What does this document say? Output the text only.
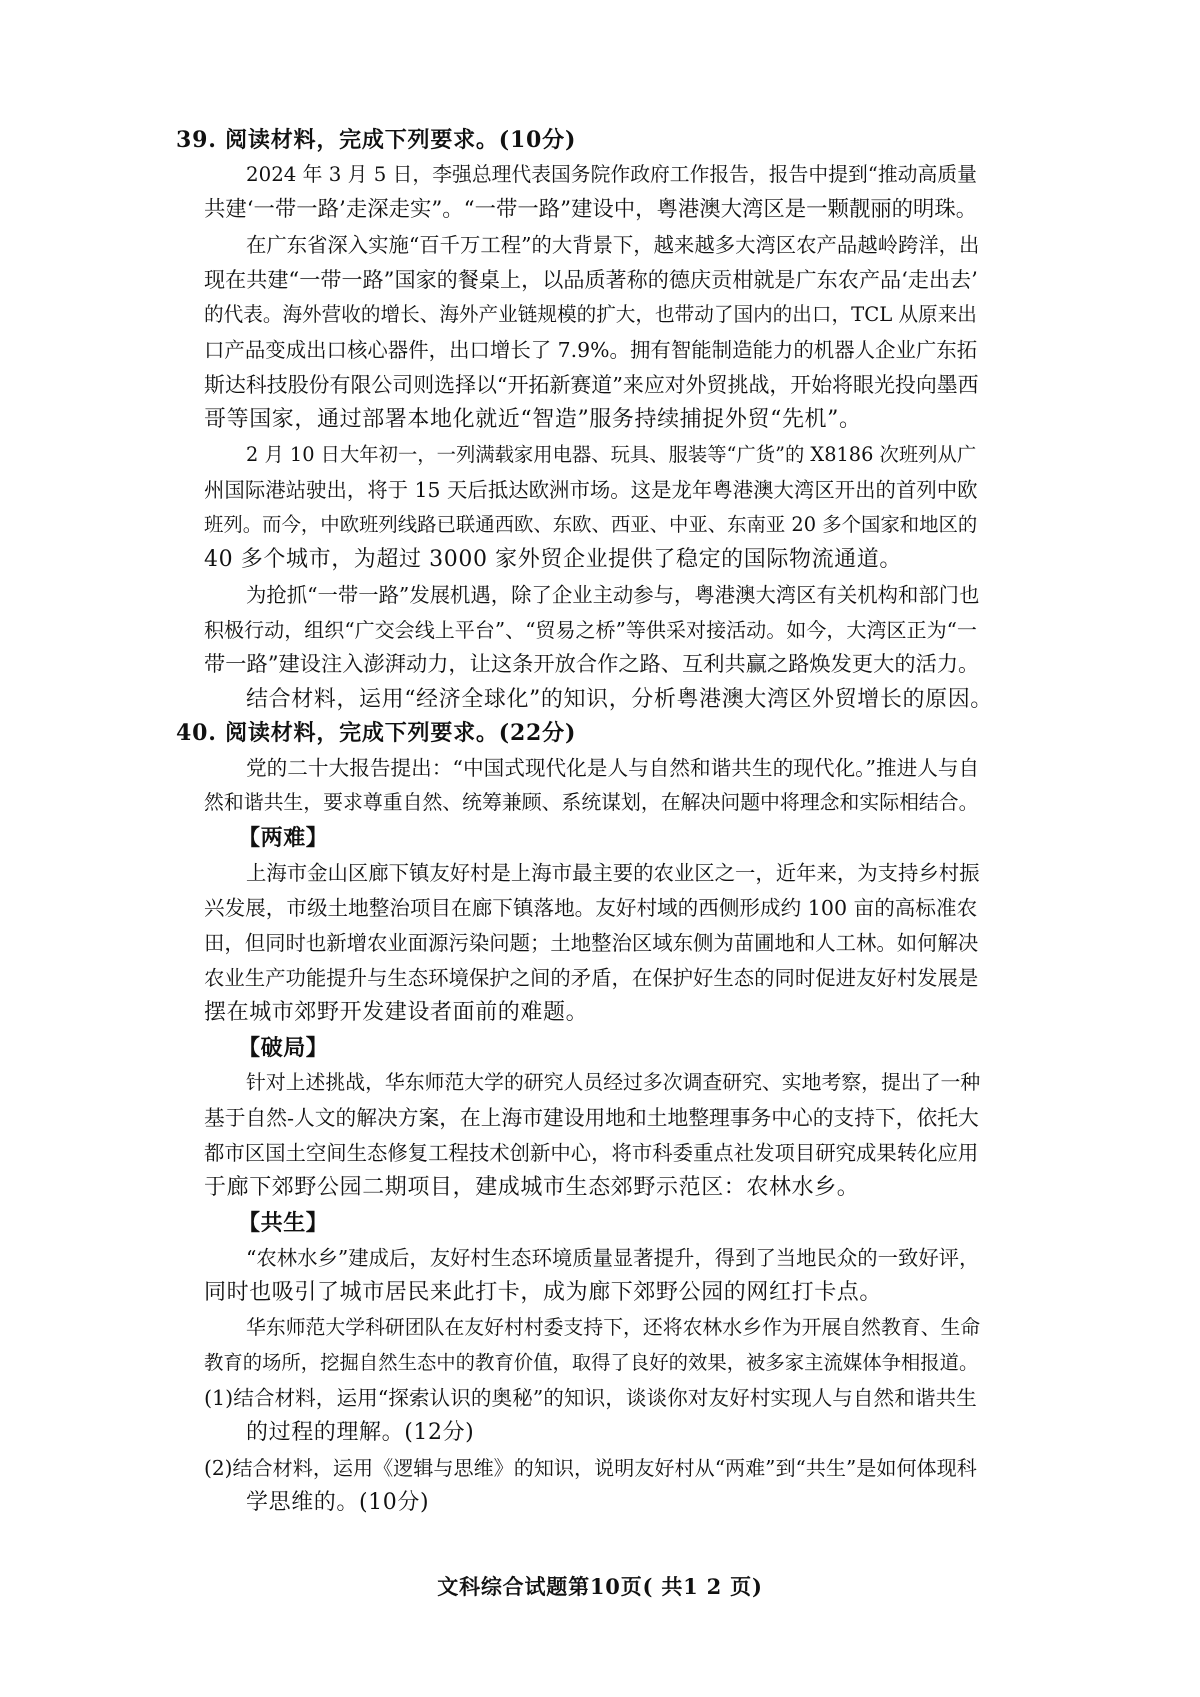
39. 阅读材料，完成下列要求。(10分)
2024 年 3 月 5 日，李强总理代表国务院作政府工作报告，报告中提到“推动高质量
共建‘一带一路’走深走实”。“一带一路”建设中，粤港澳大湾区是一颗靓丽的明珠。
在广东省深入实施“百千万工程”的大背景下，越来越多大湾区农产品越岭跨洋，出
现在共建“一带一路”国家的餐桌上，以品质著称的德庆贡柑就是广东农产品‘走出去’
的代表。海外营收的增长、海外产业链规模的扩大，也带动了国内的出口，TCL 从原来出
口产品变成出口核心器件，出口增长了 7.9%。拥有智能制造能力的机器人企业广东拓
斯达科技股份有限公司则选择以“开拓新赛道”来应对外贸挑战，开始将眼光投向墨西
哥等国家，通过部署本地化就近“智造”服务持续捕捉外贸“先机”。
2 月 10 日大年初一，一列满载家用电器、玩具、服装等“广货”的 X8186 次班列从广
州国际港站驶出，将于 15 天后抵达欧洲市场。这是龙年粤港澳大湾区开出的首列中欧
班列。而今，中欧班列线路已联通西欧、东欧、西亚、中亚、东南亚 20 多个国家和地区的
40 多个城市，为超过 3000 家外贸企业提供了稳定的国际物流通道。
为抢抓“一带一路”发展机遇，除了企业主动参与，粤港澳大湾区有关机构和部门也
积极行动，组织“广交会线上平台”、“贸易之桥”等供采对接活动。如今，大湾区正为“一
带一路”建设注入澎湃动力，让这条开放合作之路、互利共赢之路焕发更大的活力。
结合材料，运用“经济全球化”的知识，分析粤港澳大湾区外贸增长的原因。
40. 阅读材料，完成下列要求。(22分)
党的二十大报告提出：“中国式现代化是人与自然和谐共生的现代化。”推进人与自
然和谐共生，要求尊重自然、统筹兼顾、系统谋划，在解决问题中将理念和实际相结合。
【两难】
上海市金山区廊下镇友好村是上海市最主要的农业区之一，近年来，为支持乡村振
兴发展，市级土地整治项目在廊下镇落地。友好村域的西侧形成约 100 亩的高标准农
田，但同时也新增农业面源污染问题；土地整治区域东侧为苗圃地和人工林。如何解决
农业生产功能提升与生态环境保护之间的矛盾，在保护好生态的同时促进友好村发展是
摆在城市郊野开发建设者面前的难题。
【破局】
针对上述挑战，华东师范大学的研究人员经过多次调查研究、实地考察，提出了一种
基于自然-人文的解决方案，在上海市建设用地和土地整理事务中心的支持下，依托大
都市区国土空间生态修复工程技术创新中心，将市科委重点社发项目研究成果转化应用
于廊下郊野公园二期项目，建成城市生态郊野示范区：农林水乡。
【共生】
“农林水乡”建成后，友好村生态环境质量显著提升，得到了当地民众的一致好评，
同时也吸引了城市居民来此打卡，成为廊下郊野公园的网红打卡点。
华东师范大学科研团队在友好村村委支持下，还将农林水乡作为开展自然教育、生命
教育的场所，挖掘自然生态中的教育价值，取得了良好的效果，被多家主流媒体争相报道。
(1)结合材料，运用“探索认识的奥秘”的知识，谈谈你对友好村实现人与自然和谐共生
的过程的理解。(12分)
(2)结合材料，运用《逻辑与思维》的知识，说明友好村从“两难”到“共生”是如何体现科
学思维的。(10分)
文科综合试题第10页( 共1 2 页)
